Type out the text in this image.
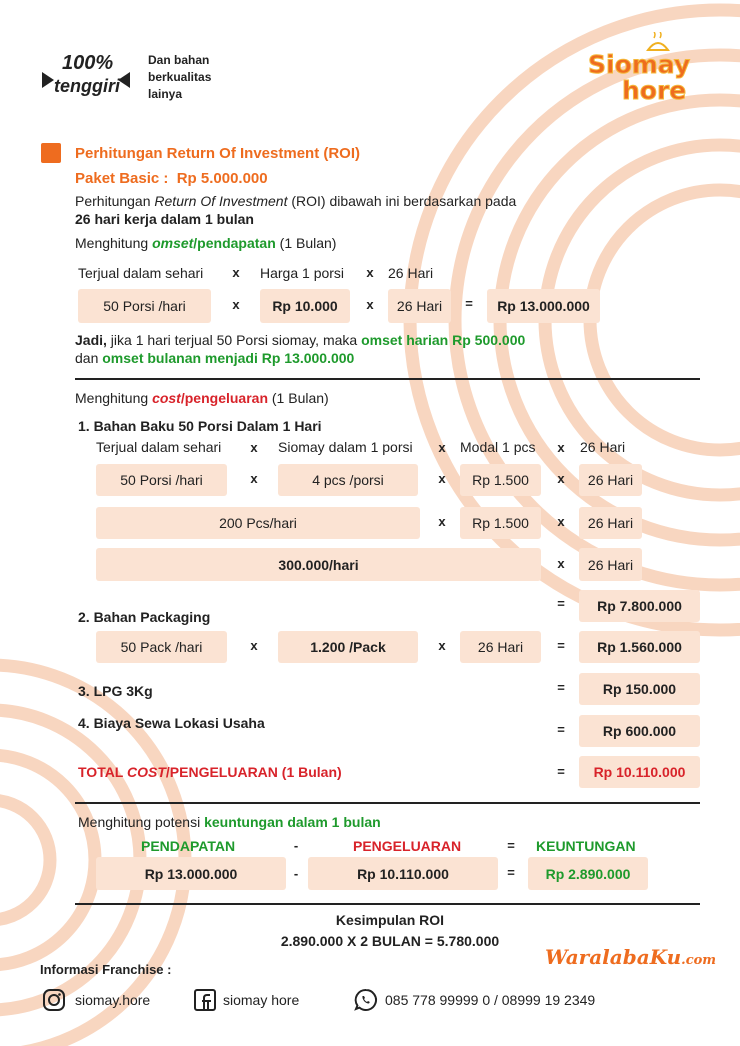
100%
tenggiri
Dan bahan
berkualitas
lainya
Siomay
hore
Perhitungan Return Of Investment (ROI)
Paket Basic :  Rp 5.000.000
Perhitungan Return Of Investment (ROI) dibawah ini berdasarkan pada
26 hari kerja dalam 1 bulan
Menghitung omset/pendapatan (1 Bulan)
Terjual dalam sehari	x	Harga 1 porsi	x	26 Hari
50 Porsi /hari	x	Rp 10.000	x	26 Hari	=	Rp 13.000.000
Jadi, jika 1 hari terjual 50 Porsi siomay, maka omset harian Rp 500.000
dan omset bulanan menjadi Rp 13.000.000
Menghitung cost/pengeluaran (1 Bulan)
1. Bahan Baku 50 Porsi Dalam 1 Hari
Terjual dalam sehari	x	Siomay dalam 1 porsi	x	Modal 1 pcs	x	26 Hari
50 Porsi /hari	x	4 pcs /porsi	x	Rp 1.500	x	26 Hari
200 Pcs/hari	x	Rp 1.500	x	26 Hari
300.000/hari	x	26 Hari
=	Rp 7.800.000
2. Bahan Packaging
50 Pack /hari	x	1.200 /Pack	x	26 Hari	=	Rp 1.560.000
3. LPG 3Kg	=	Rp 150.000
4. Biaya Sewa Lokasi Usaha	=	Rp 600.000
TOTAL COST/PENGELUARAN (1 Bulan)	=	Rp 10.110.000
Menghitung potensi keuntungan dalam 1 bulan
PENDAPATAN	-	PENGELUARAN	=	KEUNTUNGAN
Rp 13.000.000	-	Rp 10.110.000	=	Rp 2.890.000
Kesimpulan ROI
2.890.000 X 2 BULAN = 5.780.000
Informasi Franchise :
WaralabaKu.com
siomay.hore	siomay hore	085 778 99999 0 / 08999 19 2349
